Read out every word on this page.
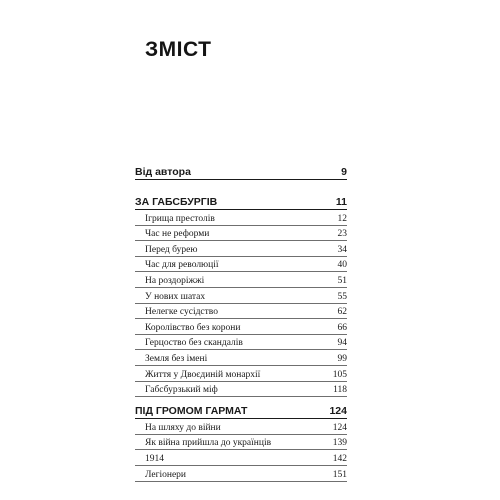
ЗМІСТ
Від автора	9
ЗА ГАБСБУРГІВ	11
Ігрища престолів	12
Час не реформи	23
Перед бурею	34
Час для революції	40
На роздоріжжі	51
У нових шатах	55
Нелегке сусідство	62
Королівство без корони	66
Герцоство без скандалів	94
Земля без імені	99
Життя у Двоєдиній монархії	105
Габсбурзький міф	118
ПІД ГРОМОМ ГАРМАТ	124
На шляху до війни	124
Як війна прийшла до українців	139
1914	142
Легіонери	151
